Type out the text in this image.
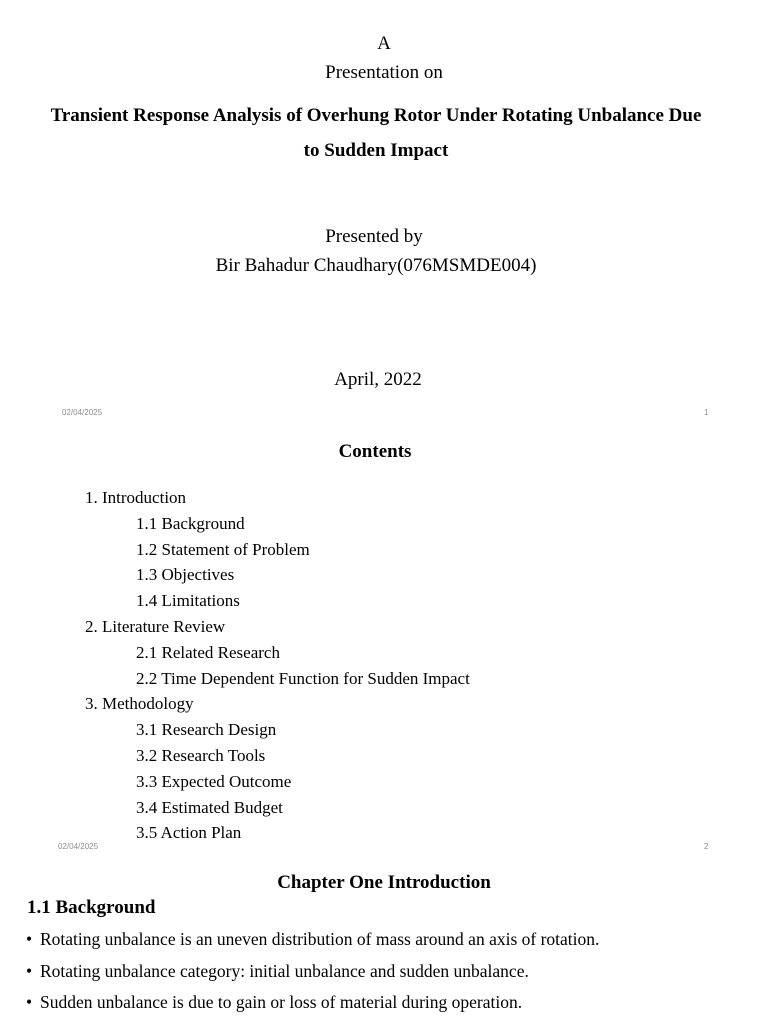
A
Presentation on
Transient Response Analysis of Overhung Rotor Under Rotating Unbalance Due
to Sudden Impact
Presented by
Bir Bahadur Chaudhary(076MSMDE004)
April, 2022
02/04/2025	1
Contents
1. Introduction
1.1 Background
1.2 Statement of Problem
1.3 Objectives
1.4 Limitations
2. Literature Review
2.1 Related Research
2.2 Time Dependent Function for Sudden Impact
3. Methodology
3.1 Research Design
3.2 Research Tools
3.3 Expected Outcome
3.4 Estimated Budget
3.5 Action Plan
02/04/2025	2
Chapter One Introduction
1.1 Background
• Rotating unbalance is an uneven distribution of mass around an axis of rotation.
• Rotating unbalance category: initial unbalance and sudden unbalance.
• Sudden unbalance is due to gain or loss of material during operation.
